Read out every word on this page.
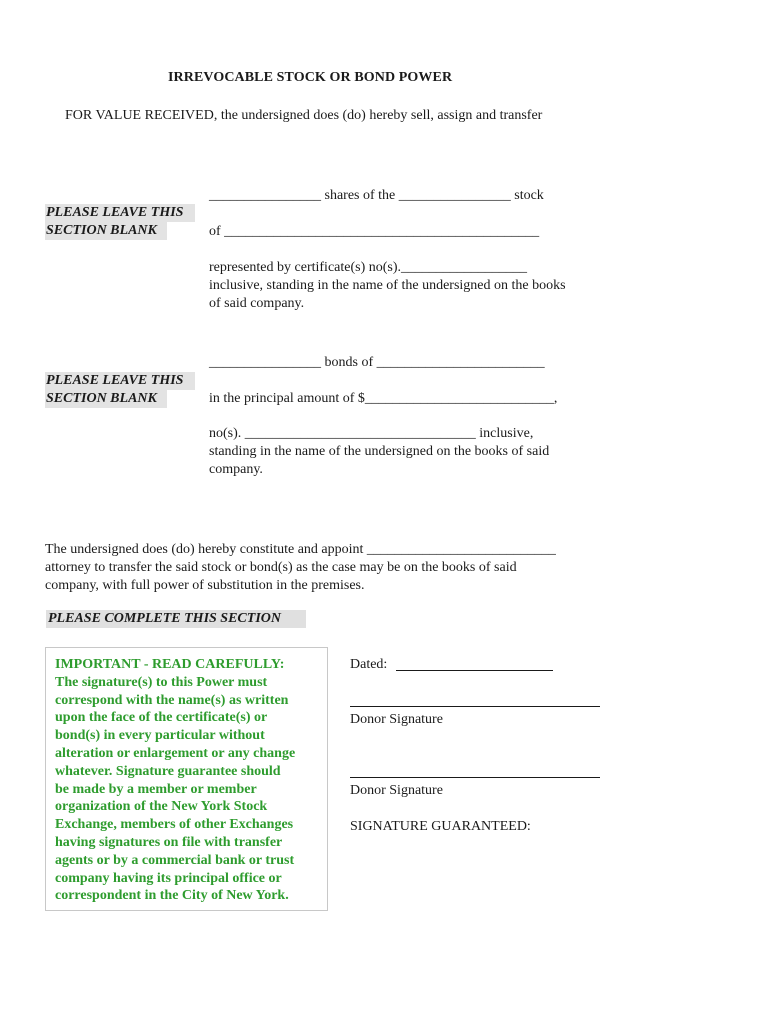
IRREVOCABLE STOCK OR BOND POWER
FOR VALUE RECEIVED, the undersigned does (do) hereby sell, assign and transfer
PLEASE LEAVE THIS
SECTION BLANK
________________ shares of the ________________ stock
of _____________________________________________
represented by certificate(s) no(s).__________________
inclusive, standing in the name of the undersigned on the books
of said company.
PLEASE LEAVE THIS
SECTION BLANK
________________ bonds of ________________________
in the principal amount of $___________________________,
no(s). _________________________________ inclusive,
standing in the name of the undersigned on the books of said
company.
The undersigned does (do) hereby constitute and appoint ___________________________
attorney to transfer the said stock or bond(s) as the case may be on the books of said
company, with full power of substitution in the premises.
PLEASE COMPLETE THIS SECTION
IMPORTANT - READ CAREFULLY:
The signature(s) to this Power must
correspond with the name(s) as written
upon the face of the certificate(s) or
bond(s) in every particular without
alteration or enlargement or any change
whatever. Signature guarantee should
be made by a member or member
organization of the New York Stock
Exchange, members of other Exchanges
having signatures on file with transfer
agents or by a commercial bank or trust
company having its principal office or
correspondent in the City of New York.
Dated:
Donor Signature
Donor Signature
SIGNATURE GUARANTEED:
